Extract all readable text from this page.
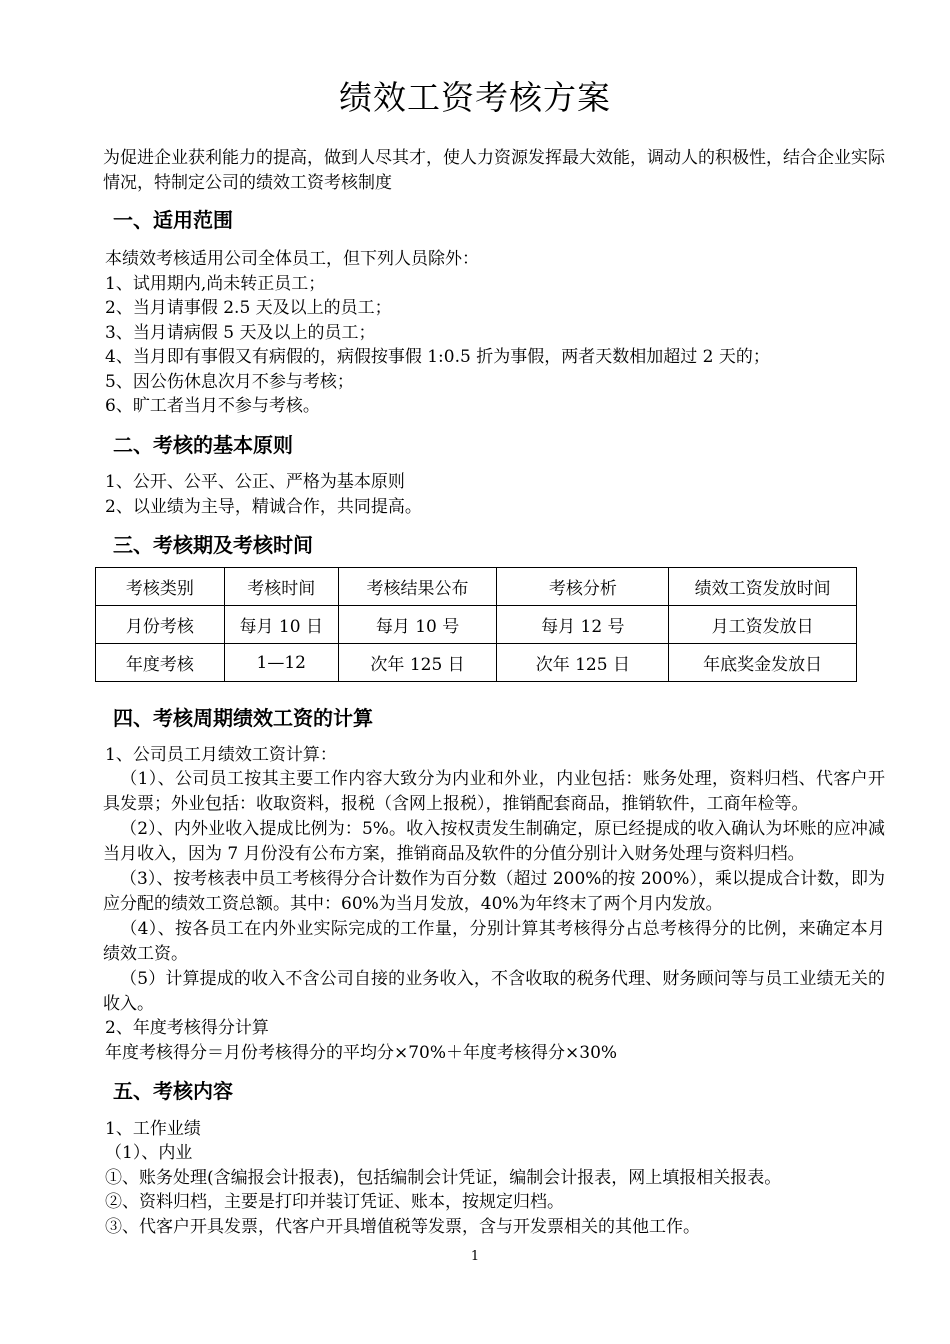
绩效工资考核方案
为促进企业获利能力的提高，做到人尽其才，使人力资源发挥最大效能，调动人的积极性，结合企业实际情况，特制定公司的绩效工资考核制度
一、适用范围
本绩效考核适用公司全体员工，但下列人员除外：
1、试用期内,尚未转正员工；
2、当月请事假 2.5 天及以上的员工；
3、当月请病假 5 天及以上的员工；
4、当月即有事假又有病假的，病假按事假 1:0.5 折为事假，两者天数相加超过 2 天的；
5、因公伤休息次月不参与考核；
6、旷工者当月不参与考核。
二、考核的基本原则
1、公开、公平、公正、严格为基本原则
2、以业绩为主导，精诚合作，共同提高。
三、考核期及考核时间
考核类别	考核时间	考核结果公布	考核分析	绩效工资发放时间
月份考核	每月 10 日	每月 10 号	每月 12 号	月工资发放日
年度考核	1—12	次年 125 日	次年 125 日	年底奖金发放日
四、考核周期绩效工资的计算
1、公司员工月绩效工资计算：
（1）、公司员工按其主要工作内容大致分为内业和外业，内业包括：账务处理，资料归档、代客户开具发票；外业包括：收取资料，报税（含网上报税），推销配套商品，推销软件，工商年检等。
（2）、内外业收入提成比例为：5%。收入按权责发生制确定，原已经提成的收入确认为坏账的应冲减当月收入，因为 7 月份没有公布方案，推销商品及软件的分值分别计入财务处理与资料归档。
（3）、按考核表中员工考核得分合计数作为百分数（超过 200%的按 200%），乘以提成合计数，即为应分配的绩效工资总额。其中：60%为当月发放，40%为年终末了两个月内发放。
（4）、按各员工在内外业实际完成的工作量，分别计算其考核得分占总考核得分的比例，来确定本月绩效工资。
（5）计算提成的收入不含公司自接的业务收入，不含收取的税务代理、财务顾问等与员工业绩无关的收入。
2、年度考核得分计算
年度考核得分＝月份考核得分的平均分×70%＋年度考核得分×30%
五、考核内容
1、工作业绩
（1）、内业
①、账务处理(含编报会计报表)，包括编制会计凭证，编制会计报表，网上填报相关报表。
②、资料归档，主要是打印并装订凭证、账本，按规定归档。
③、代客户开具发票，代客户开具增值税等发票，含与开发票相关的其他工作。
1
